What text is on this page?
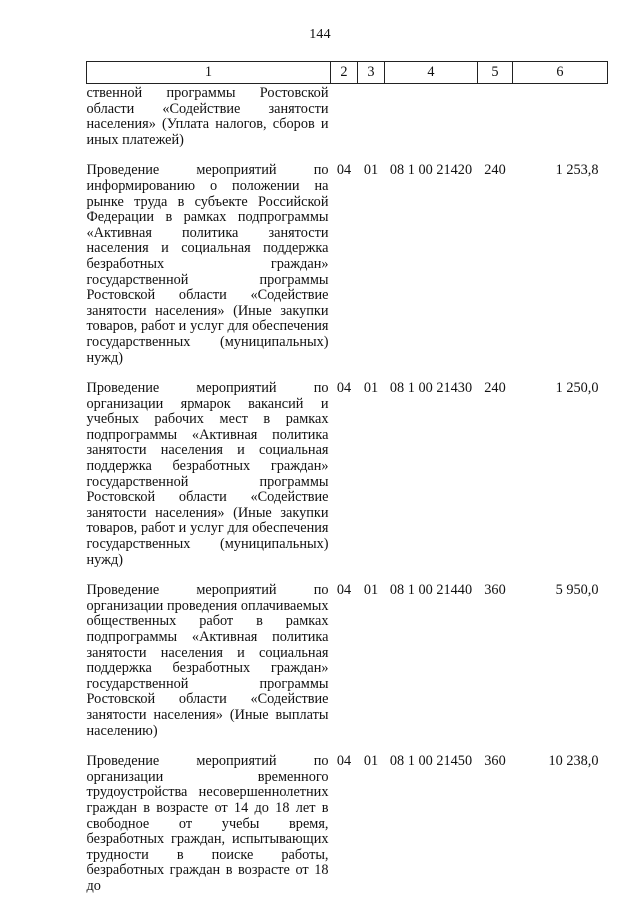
144
1	2	3	4	5	6
ственной программы Ростовской области «Содействие занятости населения» (Уплата налогов, сборов и иных платежей)					
Проведение мероприятий по информированию о положении на рынке труда в субъекте Российской Федерации в рамках подпрограммы «Активная политика занятости населения и социальная поддержка безработных граждан» государственной программы Ростовской области «Содействие занятости населения» (Иные закупки товаров, работ и услуг для обеспечения государственных (муниципальных) нужд)	04	01	08 1 00 21420	240	1 253,8
Проведение мероприятий по организации ярмарок вакансий и учебных рабочих мест в рамках подпрограммы «Активная политика занятости населения и социальная поддержка безработных граждан» государственной программы Ростовской области «Содействие занятости населения» (Иные закупки товаров, работ и услуг для обеспечения государственных (муниципальных) нужд)	04	01	08 1 00 21430	240	1 250,0
Проведение мероприятий по организации проведения оплачиваемых общественных работ в рамках подпрограммы «Активная политика занятости населения и социальная поддержка безработных граждан» государственной программы Ростовской области «Содействие занятости населения» (Иные выплаты населению)	04	01	08 1 00 21440	360	5 950,0
Проведение мероприятий по организации временного трудоустройства несовершеннолетних граждан в возрасте от 14 до 18 лет в свободное от учебы время, безработных граждан, испытывающих трудности в поиске работы, безработных граждан в возрасте от 18 до	04	01	08 1 00 21450	360	10 238,0
